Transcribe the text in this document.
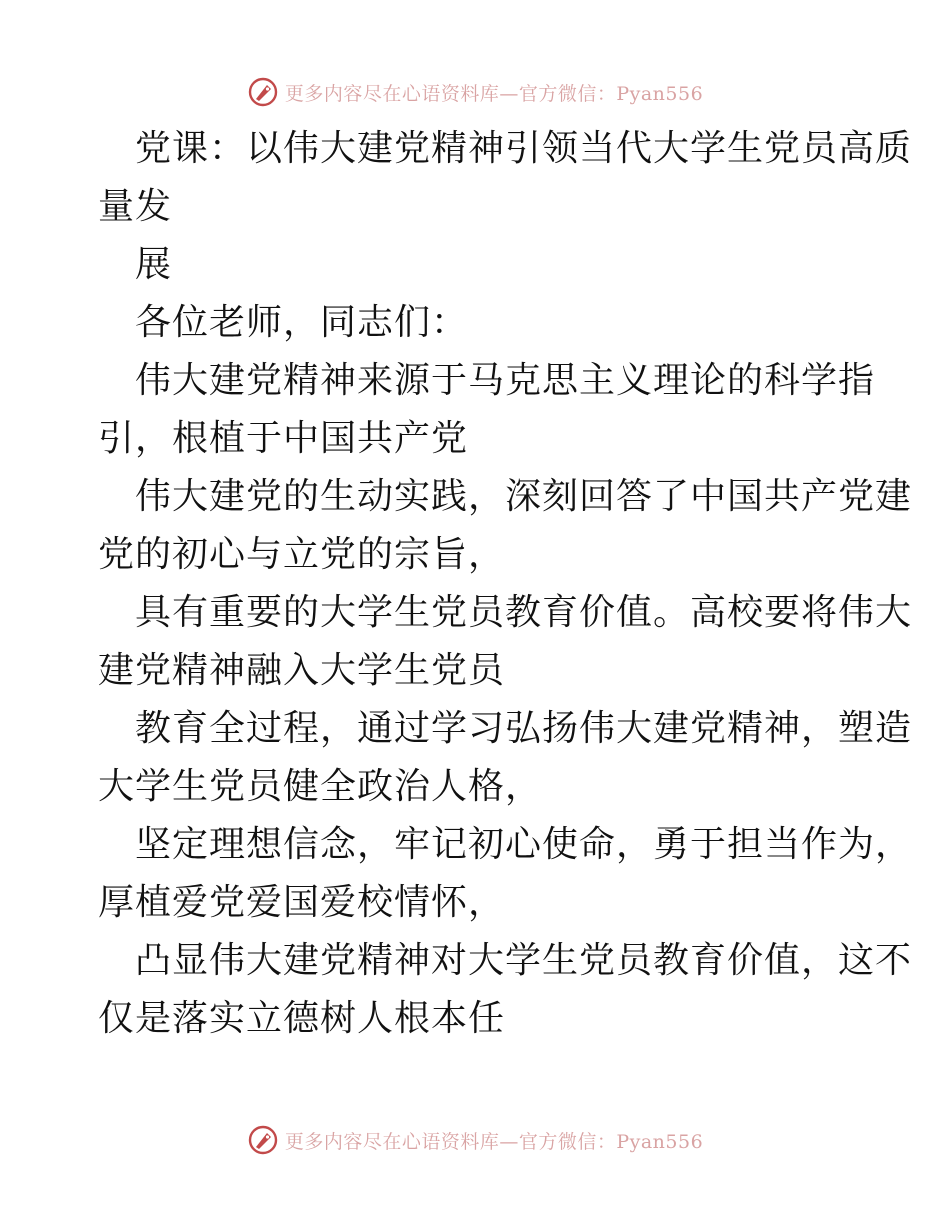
更多内容尽在心语资料库—官方微信：Pyan556
党课：以伟大建党精神引领当代大学生党员高质
量发
展
各位老师，同志们：
伟大建党精神来源于马克思主义理论的科学指
引，根植于中国共产党
伟大建党的生动实践，深刻回答了中国共产党建
党的初心与立党的宗旨，
具有重要的大学生党员教育价值。高校要将伟大
建党精神融入大学生党员
教育全过程，通过学习弘扬伟大建党精神，塑造
大学生党员健全政治人格，
坚定理想信念，牢记初心使命，勇于担当作为，
厚植爱党爱国爱校情怀，
凸显伟大建党精神对大学生党员教育价值，这不
仅是落实立德树人根本任
更多内容尽在心语资料库—官方微信：Pyan556
